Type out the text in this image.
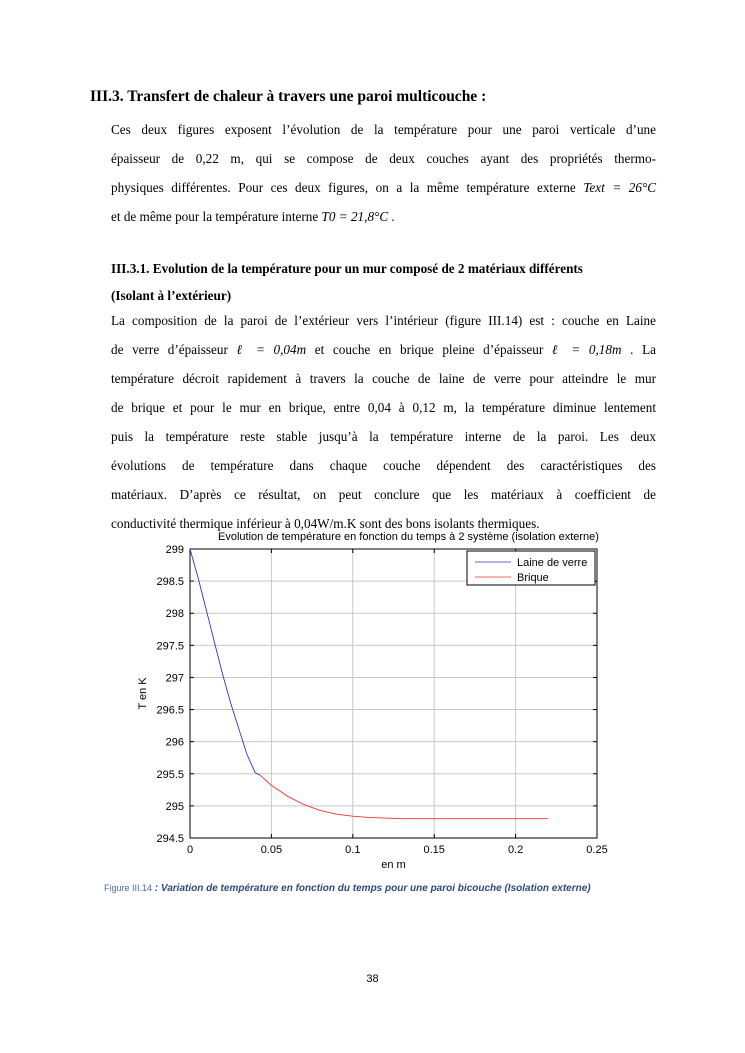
III.3. Transfert de chaleur à travers une paroi multicouche :
Ces deux figures exposent l’évolution de la température pour une paroi verticale d’une
épaisseur de 0,22 m, qui se compose de deux couches ayant des propriétés thermo-
physiques différentes. Pour ces deux figures, on a la même température externe Text = 26°C
et de même pour la température interne T0 = 21,8°C .
III.3.1. Evolution de la température pour un mur composé de 2 matériaux différents
(Isolant à l’extérieur)
La composition de la paroi de l’extérieur vers l’intérieur (figure III.14) est : couche en Laine
de verre d’épaisseur ℓ = 0,04m et couche en brique pleine d’épaisseur ℓ = 0,18m . La
température décroit rapidement à travers la couche de laine de verre pour atteindre le mur
de brique et pour le mur en brique, entre 0,04 à 0,12 m, la température diminue lentement
puis la température reste stable jusqu’à la température interne de la paroi. Les deux
évolutions de température dans chaque couche dépendent des caractéristiques des
matériaux. D’après ce résultat, on peut conclure que les matériaux à coefficient de
conductivité thermique inférieur à 0,04W/m.K sont des bons isolants thermiques.
294.5
295
295.5
296
296.5
297
297.5
298
298.5
299
0	0.05	0.1	0.15	0.2	0.25
Evolution de température en fonction du temps à 2 système (isolation externe)
en m
T en K
Laine de verre
Brique

Figure III.14 : Variation de température en fonction du temps pour une paroi bicouche (Isolation externe)

38
